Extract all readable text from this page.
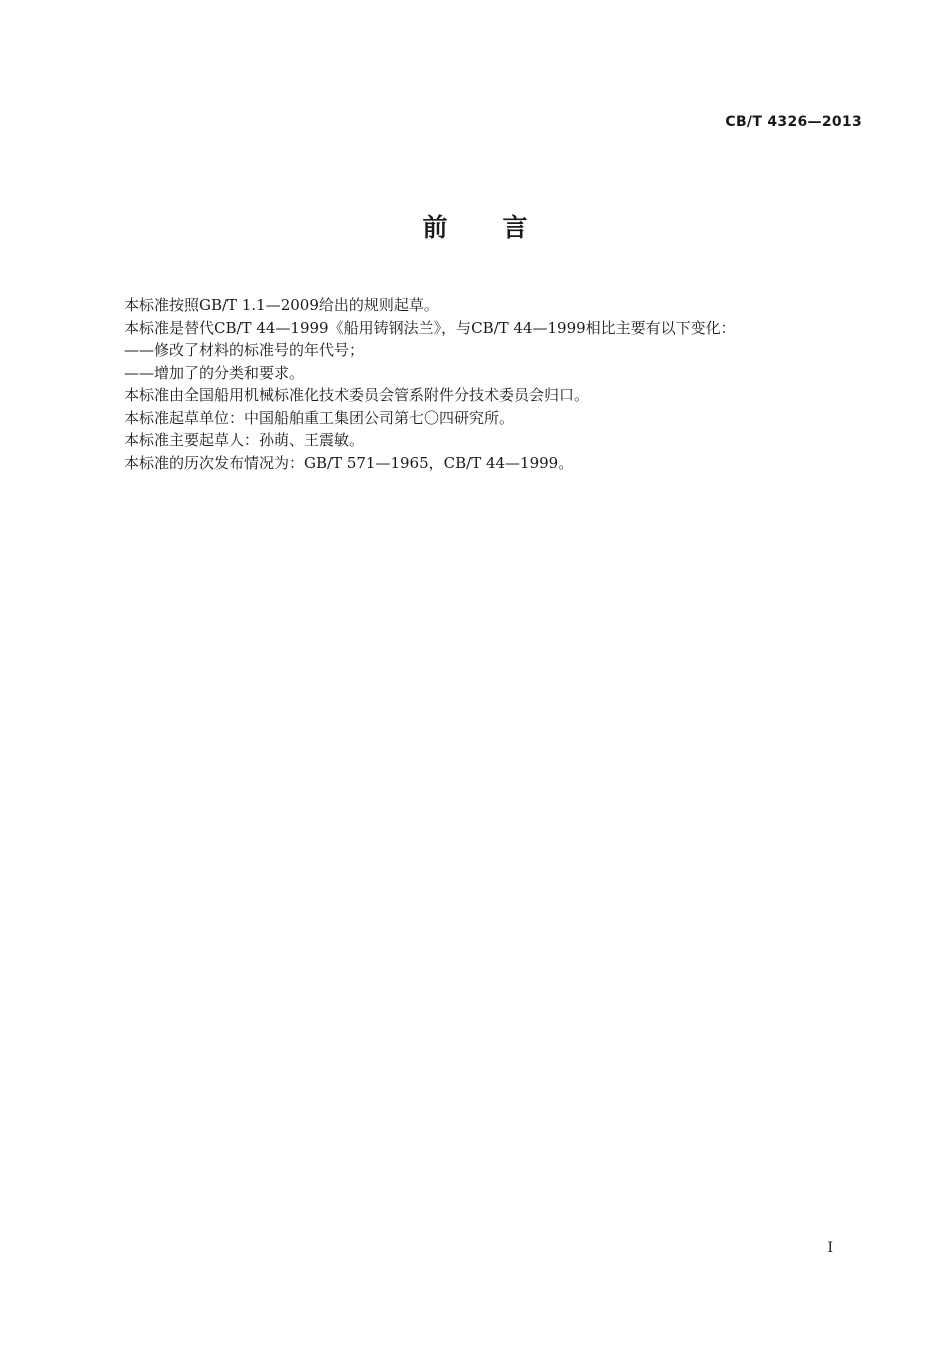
CB/T 4326—2013
前言
本标准按照GB/T 1.1—2009给出的规则起草。
本标准是替代CB/T 44—1999《船用铸钢法兰》，与CB/T 44—1999相比主要有以下变化：
——修改了材料的标准号的年代号；
——增加了的分类和要求。
本标准由全国船用机械标准化技术委员会管系附件分技术委员会归口。
本标准起草单位：中国船舶重工集团公司第七〇四研究所。
本标准主要起草人：孙萌、王震敏。
本标准的历次发布情况为：GB/T 571—1965，CB/T 44—1999。
I
